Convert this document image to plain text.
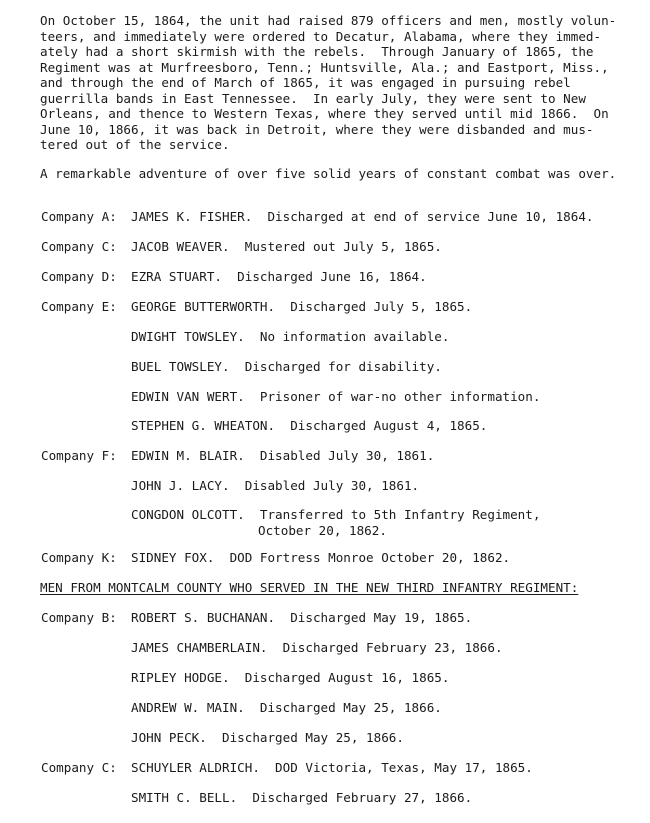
On October 15, 1864, the unit had raised 879 officers and men, mostly volun-
teers, and immediately were ordered to Decatur, Alabama, where they immed-
ately had a short skirmish with the rebels.  Through January of 1865, the
Regiment was at Murfreesboro, Tenn.; Huntsville, Ala.; and Eastport, Miss.,
and through the end of March of 1865, it was engaged in pursuing rebel
guerrilla bands in East Tennessee.  In early July, they were sent to New
Orleans, and thence to Western Texas, where they served until mid 1866.  On
June 10, 1866, it was back in Detroit, where they were disbanded and mus-
tered out of the service.
A remarkable adventure of over five solid years of constant combat was over.
Company A: JAMES K. FISHER.  Discharged at end of service June 10, 1864.
Company C: JACOB WEAVER.  Mustered out July 5, 1865.
Company D: EZRA STUART.  Discharged June 16, 1864.
Company E: GEORGE BUTTERWORTH.  Discharged July 5, 1865.
DWIGHT TOWSLEY.  No information available.
BUEL TOWSLEY.  Discharged for disability.
EDWIN VAN WERT.  Prisoner of war-no other information.
STEPHEN G. WHEATON.  Discharged August 4, 1865.
Company F: EDWIN M. BLAIR.  Disabled July 30, 1861.
JOHN J. LACY.  Disabled July 30, 1861.
CONGDON OLCOTT.  Transferred to 5th Infantry Regiment,
October 20, 1862.
Company K: SIDNEY FOX.  DOD Fortress Monroe October 20, 1862.
MEN FROM MONTCALM COUNTY WHO SERVED IN THE NEW THIRD INFANTRY REGIMENT:
Company B: ROBERT S. BUCHANAN.  Discharged May 19, 1865.
JAMES CHAMBERLAIN.  Discharged February 23, 1866.
RIPLEY HODGE.  Discharged August 16, 1865.
ANDREW W. MAIN.  Discharged May 25, 1866.
JOHN PECK.  Discharged May 25, 1866.
Company C: SCHUYLER ALDRICH.  DOD Victoria, Texas, May 17, 1865.
SMITH C. BELL.  Discharged February 27, 1866.
